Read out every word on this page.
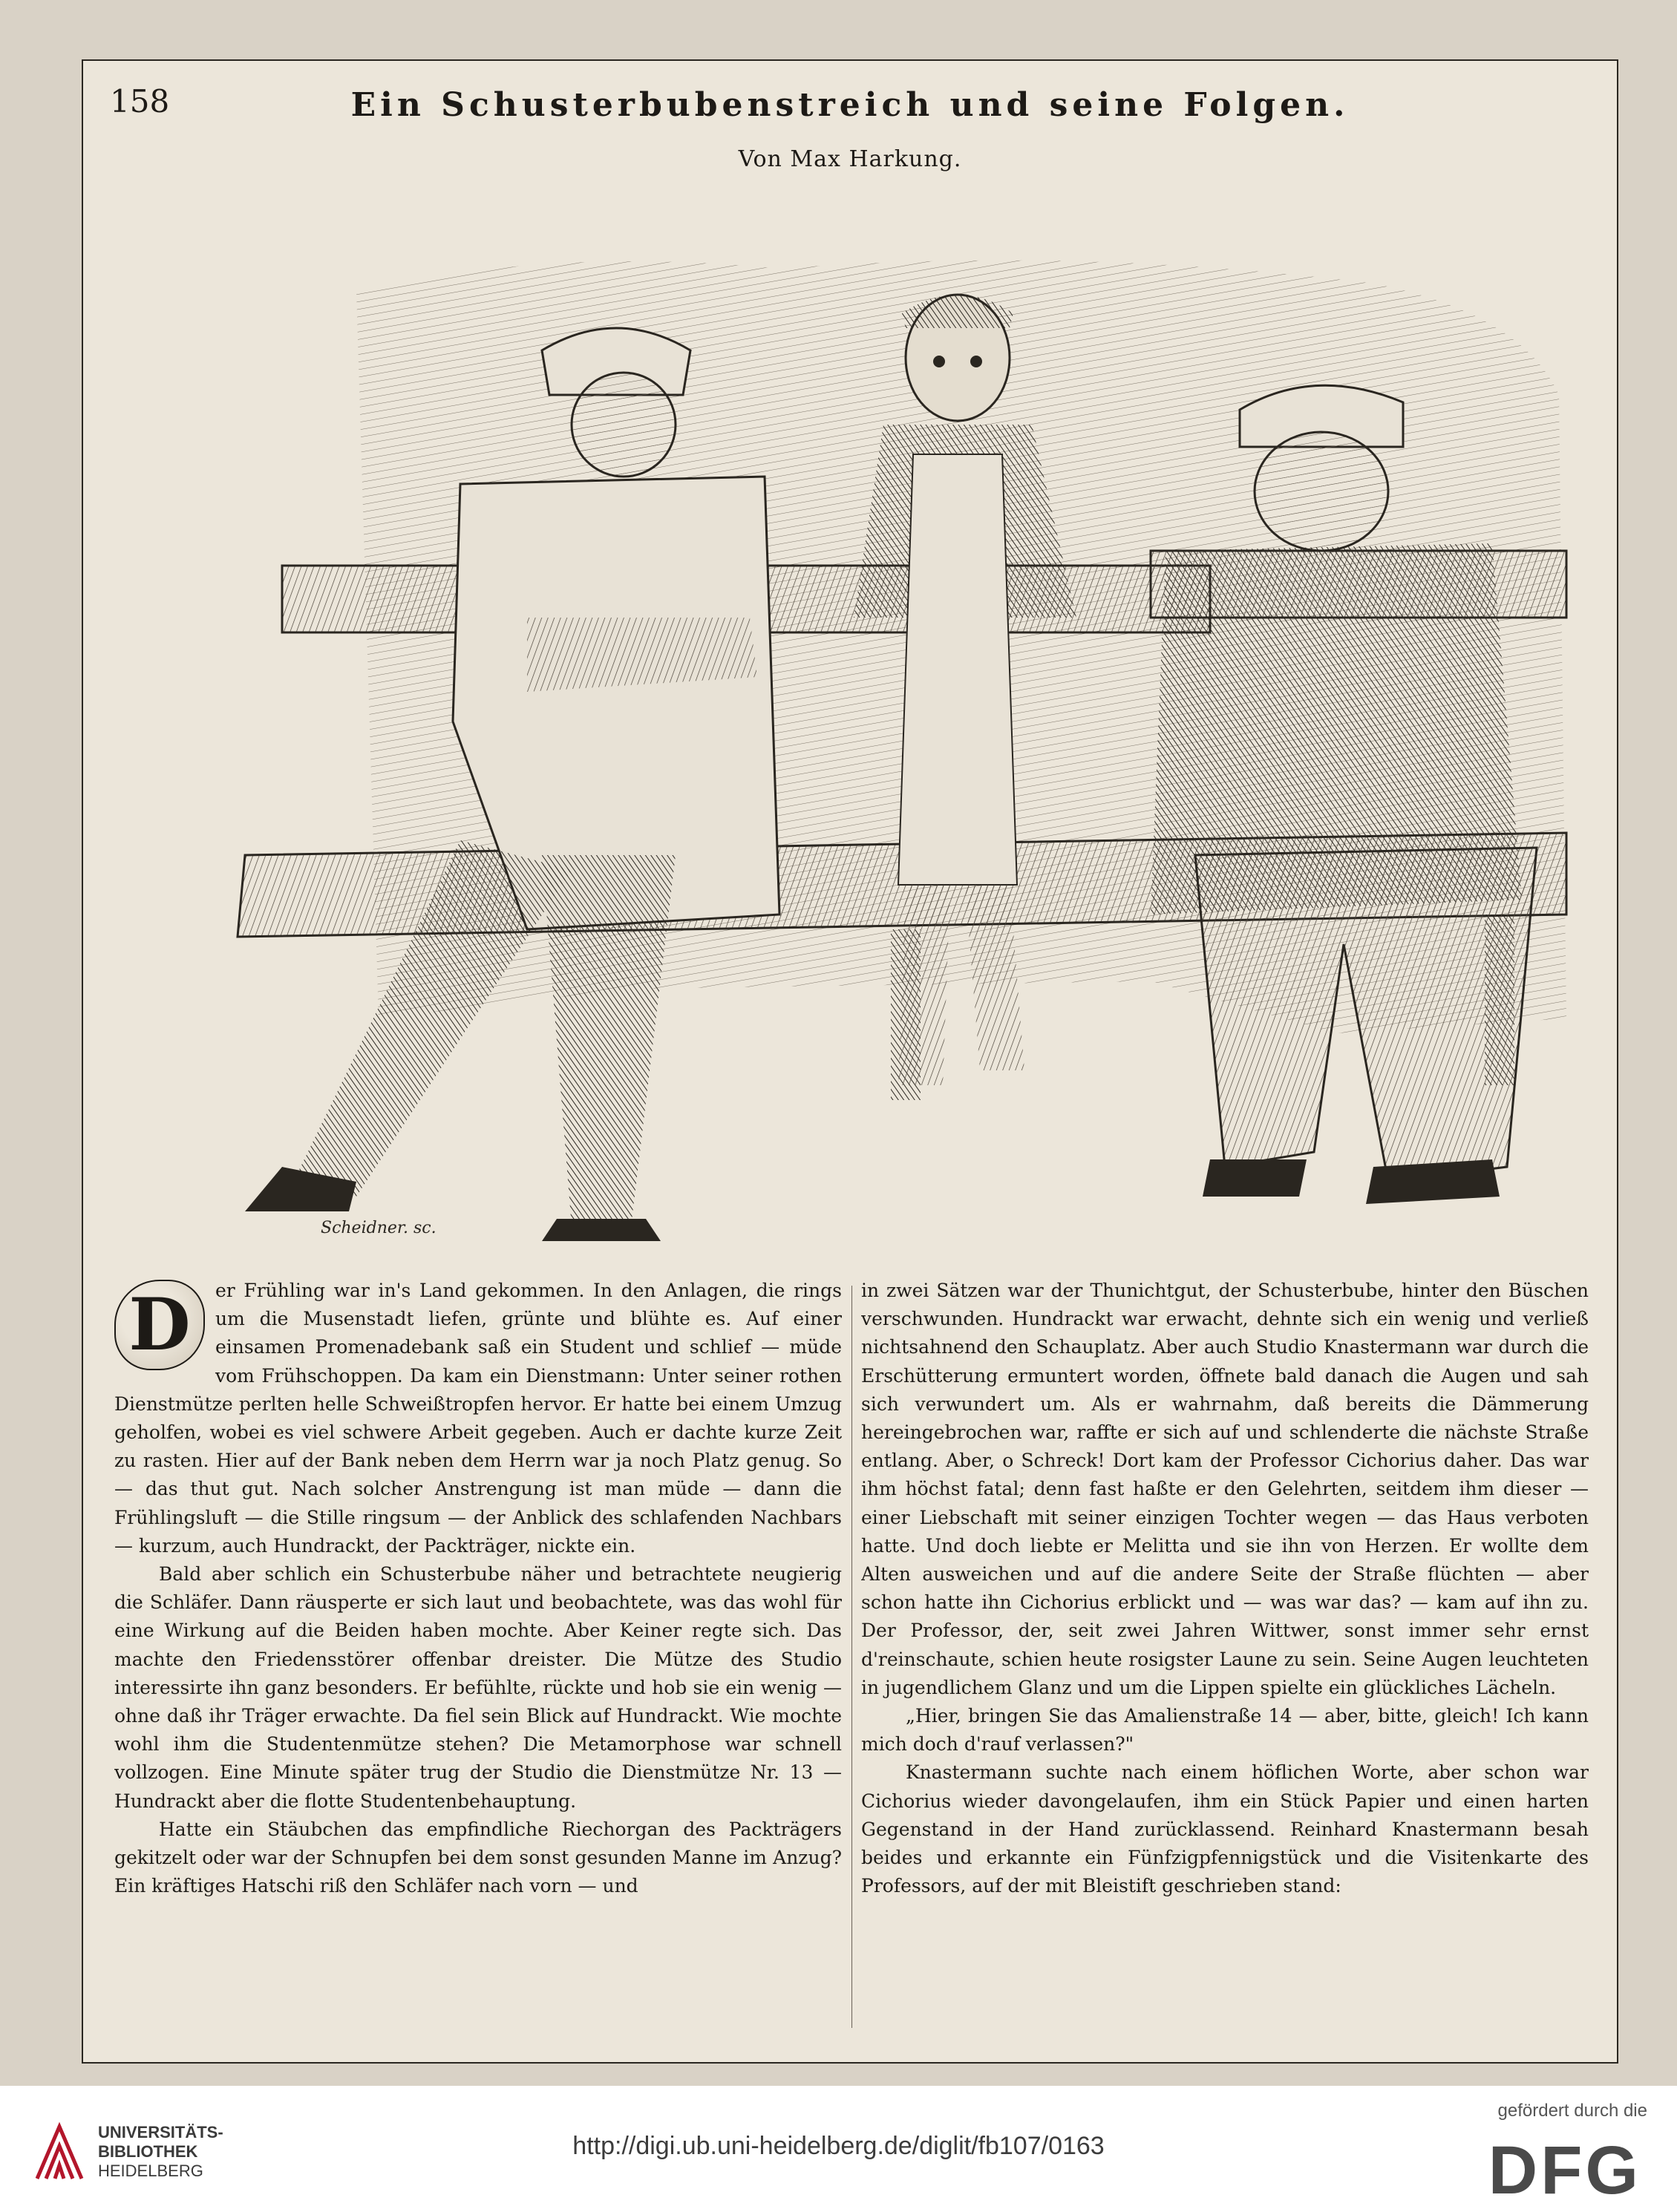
158	Ein Schusterbubenstreich und seine Folgen.
Von Max Harkung.
Scheidner. sc.

D	er Frühling war in's Land gekommen. In den Anlagen, die rings um die Musenstadt liefen, grünte und blühte es. Auf einer einsamen Promenadebank saß ein Student und schlief — müde vom Frühschoppen. Da kam ein Dienstmann: Unter seiner rothen Dienstmütze perlten helle Schweißtropfen hervor. Er hatte bei einem Umzug geholfen, wobei es viel schwere Arbeit gegeben. Auch er dachte kurze Zeit zu rasten. Hier auf der Bank neben dem Herrn war ja noch Platz genug. So — das thut gut. Nach solcher Anstrengung ist man müde — dann die Frühlingsluft — die Stille ringsum — der Anblick des schlafenden Nachbars — kurzum, auch Hundrackt, der Packträger, nickte ein.

Bald aber schlich ein Schusterbube näher und betrachtete neugierig die Schläfer. Dann räusperte er sich laut und beobachtete, was das wohl für eine Wirkung auf die Beiden haben mochte. Aber Keiner regte sich. Das machte den Friedensstörer offenbar dreister. Die Mütze des Studio interessirte ihn ganz besonders. Er befühlte, rückte und hob sie ein wenig — ohne daß ihr Träger erwachte. Da fiel sein Blick auf Hundrackt. Wie mochte wohl ihm die Studentenmütze stehen? Die Metamorphose war schnell vollzogen. Eine Minute später trug der Studio die Dienstmütze Nr. 13 — Hundrackt aber die flotte Studentenbehauptung.

Hatte ein Stäubchen das empfindliche Riechorgan des Packträgers gekitzelt oder war der Schnupfen bei dem sonst gesunden Manne im Anzug? Ein kräftiges Hatschi riß den Schläfer nach vorn — und

in zwei Sätzen war der Thunichtgut, der Schusterbube, hinter den Büschen verschwunden. Hundrackt war erwacht, dehnte sich ein wenig und verließ nichtsahnend den Schauplatz. Aber auch Studio Knastermann war durch die Erschütterung ermuntert worden, öffnete bald danach die Augen und sah sich verwundert um. Als er wahrnahm, daß bereits die Dämmerung hereingebrochen war, raffte er sich auf und schlenderte die nächste Straße entlang. Aber, o Schreck! Dort kam der Professor Cichorius daher. Das war ihm höchst fatal; denn fast haßte er den Gelehrten, seitdem ihm dieser — einer Liebschaft mit seiner einzigen Tochter wegen — das Haus verboten hatte. Und doch liebte er Melitta und sie ihn von Herzen. Er wollte dem Alten ausweichen und auf die andere Seite der Straße flüchten — aber schon hatte ihn Cichorius erblickt und — was war das? — kam auf ihn zu. Der Professor, der, seit zwei Jahren Wittwer, sonst immer sehr ernst d'reinschaute, schien heute rosigster Laune zu sein. Seine Augen leuchteten in jugendlichem Glanz und um die Lippen spielte ein glückliches Lächeln.

„Hier, bringen Sie das Amalienstraße 14 — aber, bitte, gleich! Ich kann mich doch d'rauf verlassen?"

Knastermann suchte nach einem höflichen Worte, aber schon war Cichorius wieder davongelaufen, ihm ein Stück Papier und einen harten Gegenstand in der Hand zurücklassend. Reinhard Knastermann besah beides und erkannte ein Fünfzigpfennigstück und die Visitenkarte des Professors, auf der mit Bleistift geschrieben stand:

UNIVERSITÄTS-
BIBLIOTHEK
HEIDELBERG
http://digi.ub.uni-heidelberg.de/diglit/fb107/0163
gefördert durch die
DFG
